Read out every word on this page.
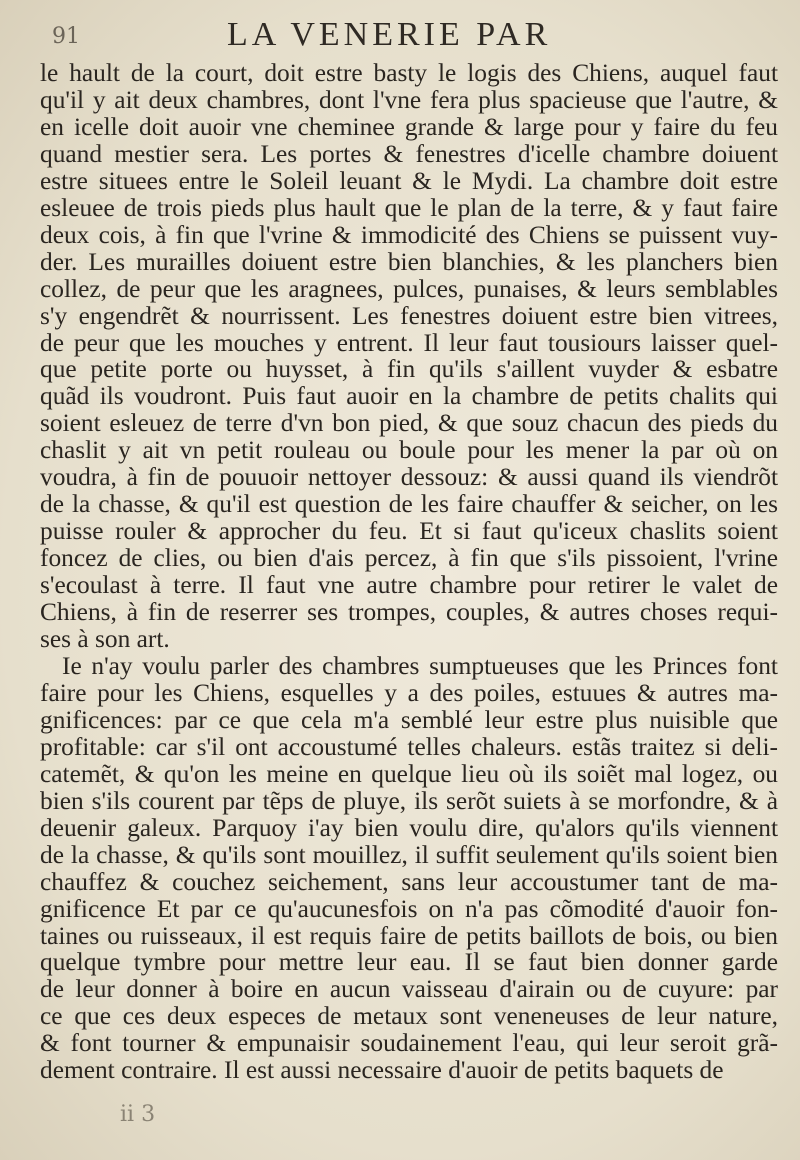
91	LA VENERIE PAR
le hault de la court, doit estre basty le logis des Chiens, auquel faut
qu'il y ait deux chambres, dont l'vne fera plus spacieuse que l'autre, &
en icelle doit auoir vne cheminee grande & large pour y faire du feu
quand mestier sera. Les portes & fenestres d'icelle chambre doiuent
estre situees entre le Soleil leuant & le Mydi. La chambre doit estre
esleuee de trois pieds plus hault que le plan de la terre, & y faut faire
deux cois, à fin que l'vrine & immodicité des Chiens se puissent vuy-
der. Les murailles doiuent estre bien blanchies, & les planchers bien
collez, de peur que les aragnees, pulces, punaises, & leurs semblables
s'y engendrẽt & nourrissent. Les fenestres doiuent estre bien vitrees,
de peur que les mouches y entrent. Il leur faut tousiours laisser quel-
que petite porte ou huysset, à fin qu'ils s'aillent vuyder & esbatre
quãd ils voudront. Puis faut auoir en la chambre de petits chalits qui
soient esleuez de terre d'vn bon pied, & que souz chacun des pieds du
chaslit y ait vn petit rouleau ou boule pour les mener la par où on
voudra, à fin de pouuoir nettoyer dessouz: & aussi quand ils viendrõt
de la chasse, & qu'il est question de les faire chauffer & seicher, on les
puisse rouler & approcher du feu. Et si faut qu'iceux chaslits soient
foncez de clies, ou bien d'ais percez, à fin que s'ils pissoient, l'vrine
s'ecoulast à terre. Il faut vne autre chambre pour retirer le valet de
Chiens, à fin de reserrer ses trompes, couples, & autres choses requi-
ses à son art.
Ie n'ay voulu parler des chambres sumptueuses que les Princes font
faire pour les Chiens, esquelles y a des poiles, estuues & autres ma-
gnificences: par ce que cela m'a semblé leur estre plus nuisible que
profitable: car s'il ont accoustumé telles chaleurs. estãs traitez si deli-
catemẽt, & qu'on les meine en quelque lieu où ils soiẽt mal logez, ou
bien s'ils courent par tẽps de pluye, ils serõt suiets à se morfondre, & à
deuenir galeux. Parquoy i'ay bien voulu dire, qu'alors qu'ils viennent
de la chasse, & qu'ils sont mouillez, il suffit seulement qu'ils soient bien
chauffez & couchez seichement, sans leur accoustumer tant de ma-
gnificence Et par ce qu'aucunesfois on n'a pas cõmodité d'auoir fon-
taines ou ruisseaux, il est requis faire de petits baillots de bois, ou bien
quelque tymbre pour mettre leur eau. Il se faut bien donner garde
de leur donner à boire en aucun vaisseau d'airain ou de cuyure: par
ce que ces deux especes de metaux sont veneneuses de leur nature,
& font tourner & empunaisir soudainement l'eau, qui leur seroit grã-
dement contraire. Il est aussi necessaire d'auoir de petits baquets de
ii 3
